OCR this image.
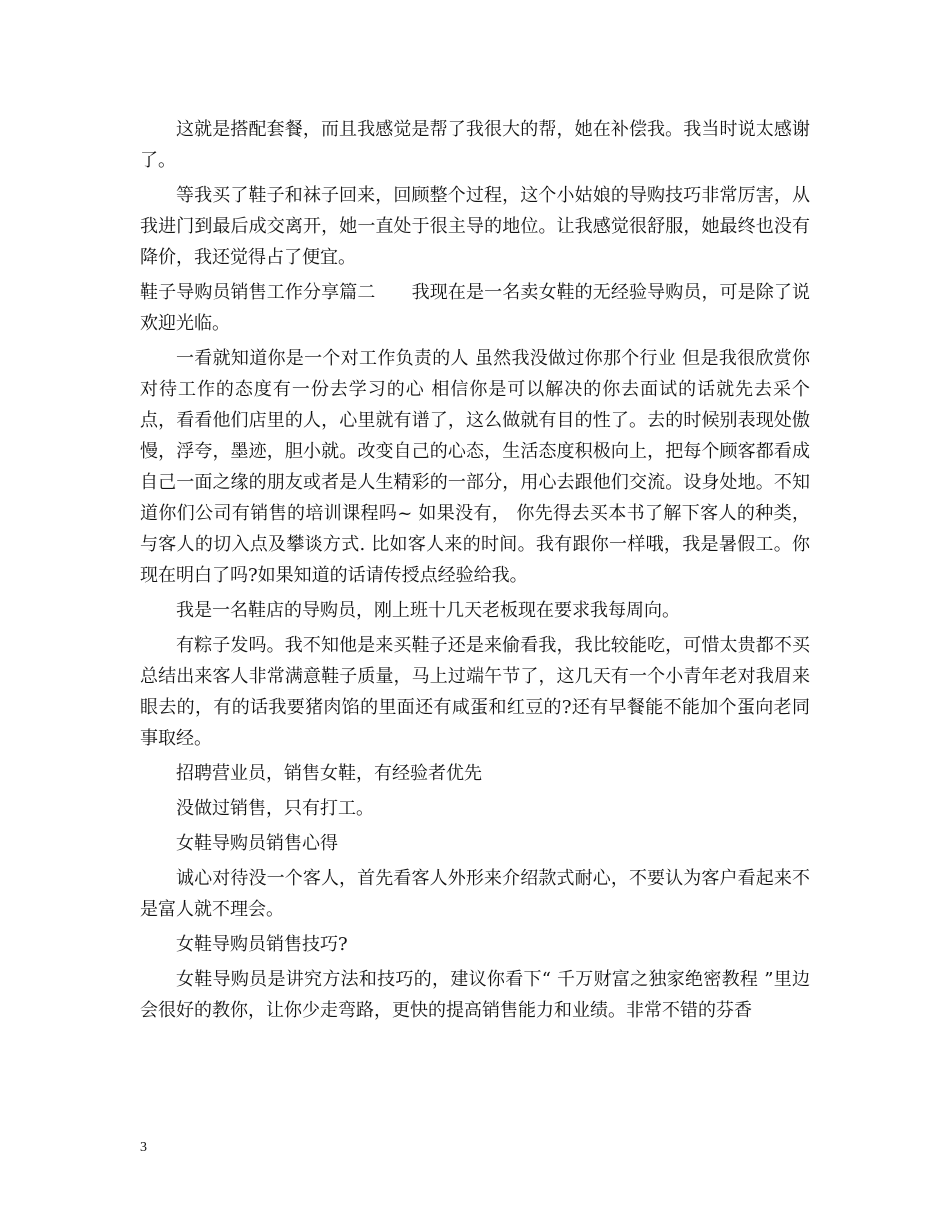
这就是搭配套餐，而且我感觉是帮了我很大的帮，她在补偿我。我当时说太感谢了。

等我买了鞋子和袜子回来，回顾整个过程，这个小姑娘的导购技巧非常厉害，从我进门到最后成交离开，她一直处于很主导的地位。让我感觉很舒服，她最终也没有降价，我还觉得占了便宜。

鞋子导购员销售工作分享篇二　　我现在是一名卖女鞋的无经验导购员，可是除了说欢迎光临。

一看就知道你是一个对工作负责的人 虽然我没做过你那个行业 但是我很欣赏你对待工作的态度有一份去学习的心 相信你是可以解决的你去面试的话就先去采个点，看看他们店里的人，心里就有谱了，这么做就有目的性了。去的时候别表现处傲慢，浮夸，墨迹，胆小就。改变自己的心态，生活态度积极向上，把每个顾客都看成自己一面之缘的朋友或者是人生精彩的一部分，用心去跟他们交流。设身处地。不知道你们公司有销售的培训课程吗~ 如果没有， 你先得去买本书了解下客人的种类，与客人的切入点及攀谈方式. 比如客人来的时间。我有跟你一样哦，我是暑假工。你现在明白了吗?如果知道的话请传授点经验给我。

我是一名鞋店的导购员，刚上班十几天老板现在要求我每周向。

有粽子发吗。我不知他是来买鞋子还是来偷看我，我比较能吃，可惜太贵都不买总结出来客人非常满意鞋子质量，马上过端午节了，这几天有一个小青年老对我眉来眼去的，有的话我要猪肉馅的里面还有咸蛋和红豆的?还有早餐能不能加个蛋向老同事取经。

招聘营业员，销售女鞋，有经验者优先

没做过销售，只有打工。

女鞋导购员销售心得

诚心对待没一个客人，首先看客人外形来介绍款式耐心，不要认为客户看起来不是富人就不理会。

女鞋导购员销售技巧?

女鞋导购员是讲究方法和技巧的，建议你看下“ 千万财富之独家绝密教程 ”里边会很好的教你，让你少走弯路，更快的提高销售能力和业绩。非常不错的芬香

3
